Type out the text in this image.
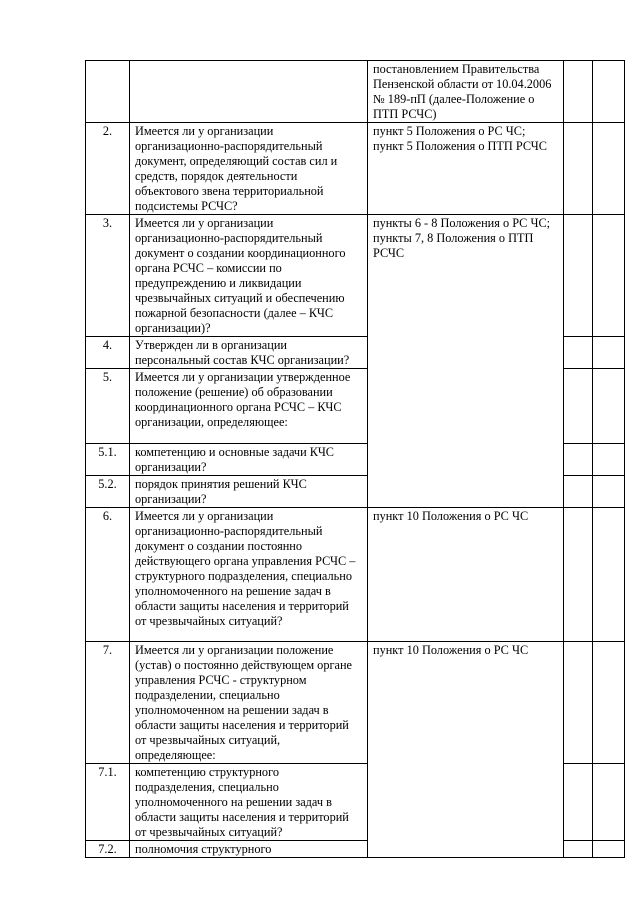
		постановлением Правительства Пензенской области от 10.04.2006 № 189-пП (далее-Положение о ПТП РСЧС)		
2.	Имеется ли у организации организационно-распорядительный документ, определяющий состав сил и средств, порядок деятельности объектового звена территориальной подсистемы РСЧС?	пункт 5 Положения о РС ЧС;
пункт 5 Положения о ПТП РСЧС		
3.	Имеется ли у организации организационно-распорядительный документ о создании координационного органа РСЧС – комиссии по предупреждению и ликвидации чрезвычайных ситуаций и обеспечению пожарной безопасности (далее – КЧС организации)?	пункты 6 - 8 Положения о РС ЧС;
пункты 7, 8 Положения о ПТП РСЧС		
4.	Утвержден ли в организации персональный состав КЧС организации?			
5.	Имеется ли у организации утвержденное положение (решение) об образовании координационного органа РСЧС – КЧС организации, определяющее:			
5.1.	компетенцию и основные задачи КЧС организации?			
5.2.	порядок принятия решений КЧС организации?			
6.	Имеется ли у организации организационно-распорядительный документ о создании постоянно действующего органа управления РСЧС – структурного подразделения, специально уполномоченного на решение задач в области защиты населения и территорий от чрезвычайных ситуаций?	пункт 10 Положения о РС ЧС		
7.	Имеется ли у организации положение (устав) о постоянно действующем органе управления РСЧС - структурном подразделении, специально уполномоченном на решении задач в области защиты населения и территорий от чрезвычайных ситуаций, определяющее:	пункт 10 Положения о РС ЧС		
7.1.	компетенцию структурного подразделения, специально уполномоченного на решении задач в области защиты населения и территорий от чрезвычайных ситуаций?			
7.2.	полномочия структурного			
